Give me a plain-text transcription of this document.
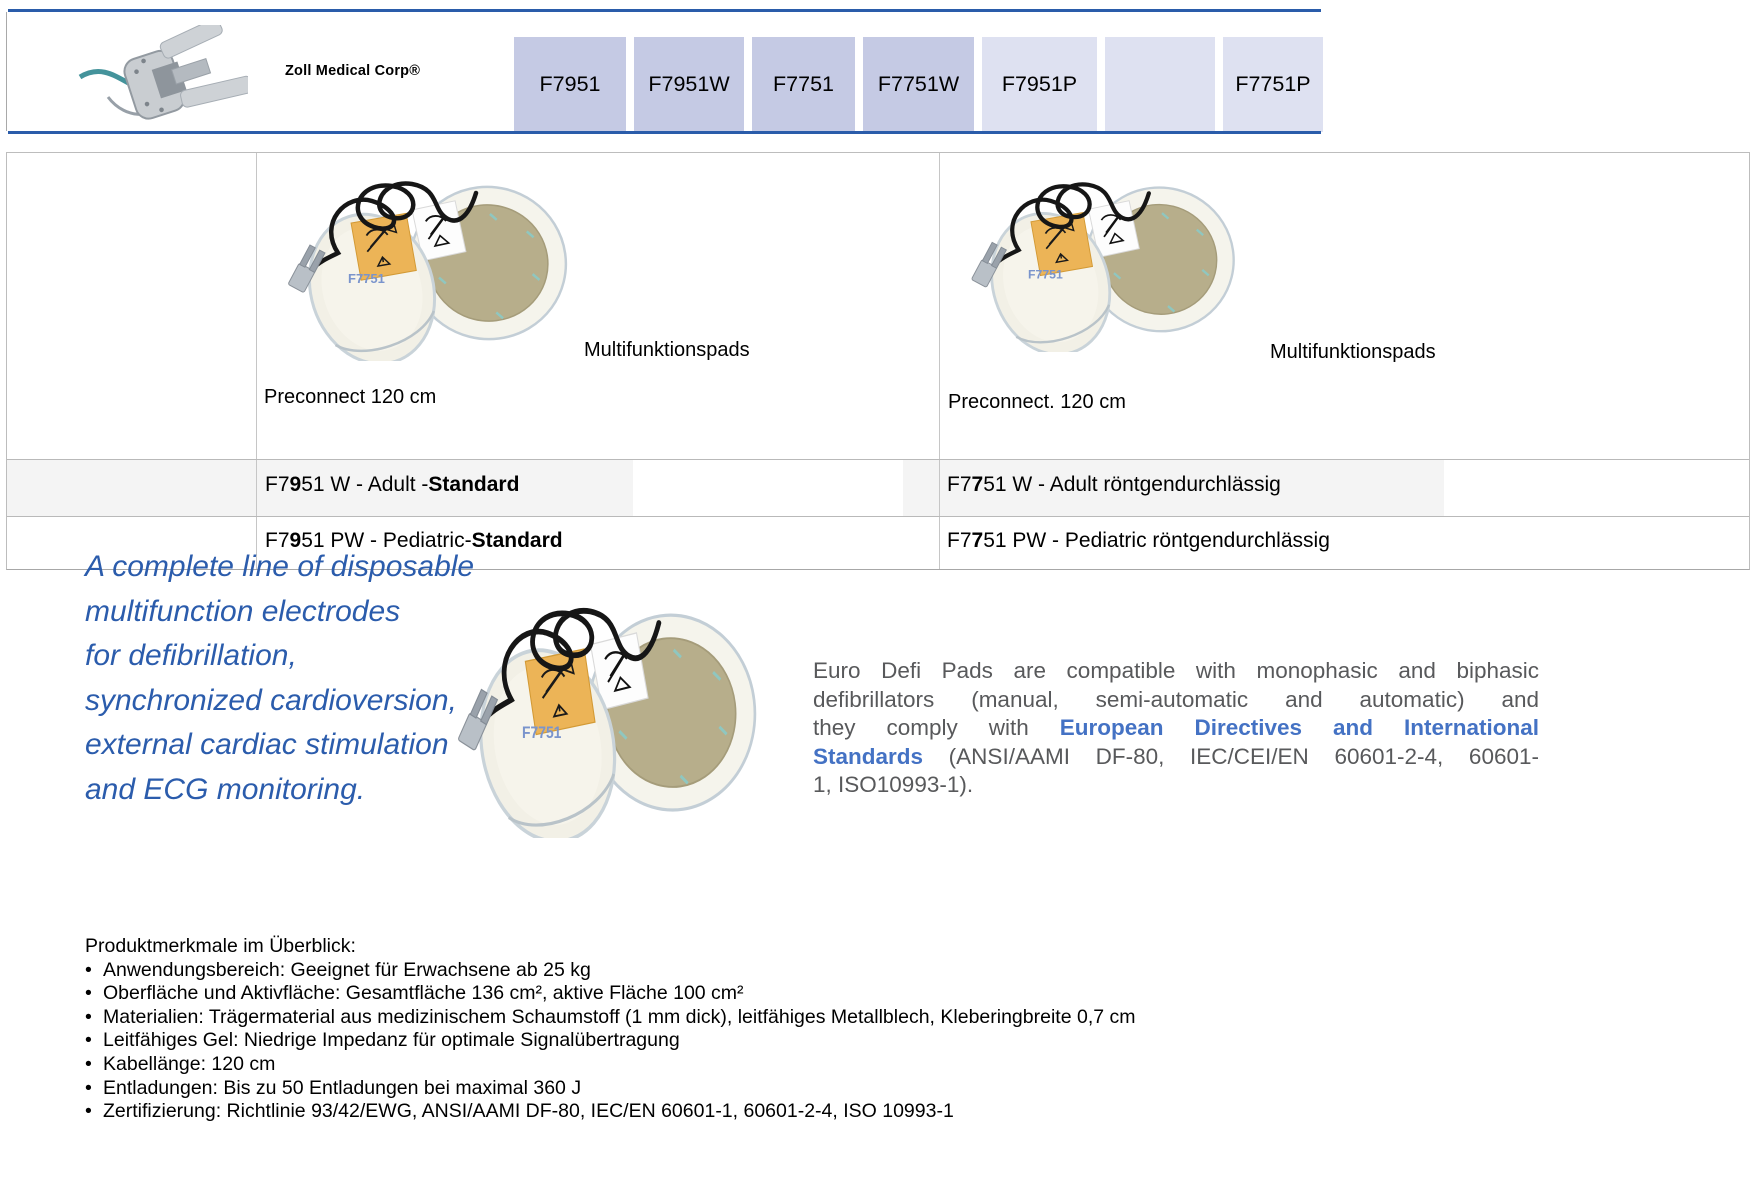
Zoll Medical Corp®
F7951	F7951W	F7751	F7751W	F7951P	F7751P
Multifunktionspads
Preconnect 120 cm
Multifunktionspads
Preconnect. 120 cm
F7951 W - Adult -Standard	F7751 W - Adult röntgendurchlässig
F7951 PW - Pediatric-Standard	F7751 PW - Pediatric röntgendurchlässig
A complete line of disposable
multifunction electrodes
for defibrillation,
synchronized cardioversion,
external cardiac stimulation
and ECG monitoring.
Euro Defi Pads are compatible with monophasic and biphasic
defibrillators (manual, semi-automatic and automatic) and
they comply with European Directives and International
Standards (ANSI/AAMI DF-80, IEC/CEI/EN 60601-2-4, 60601-
1, ISO10993-1).
Produktmerkmale im Überblick:
• Anwendungsbereich: Geeignet für Erwachsene ab 25 kg
• Oberfläche und Aktivfläche: Gesamtfläche 136 cm², aktive Fläche 100 cm²
• Materialien: Trägermaterial aus medizinischem Schaumstoff (1 mm dick), leitfähiges Metallblech, Kleberingbreite 0,7 cm
• Leitfähiges Gel: Niedrige Impedanz für optimale Signalübertragung
• Kabellänge: 120 cm
• Entladungen: Bis zu 50 Entladungen bei maximal 360 J
• Zertifizierung: Richtlinie 93/42/EWG, ANSI/AAMI DF-80, IEC/EN 60601-1, 60601-2-4, ISO 10993-1
